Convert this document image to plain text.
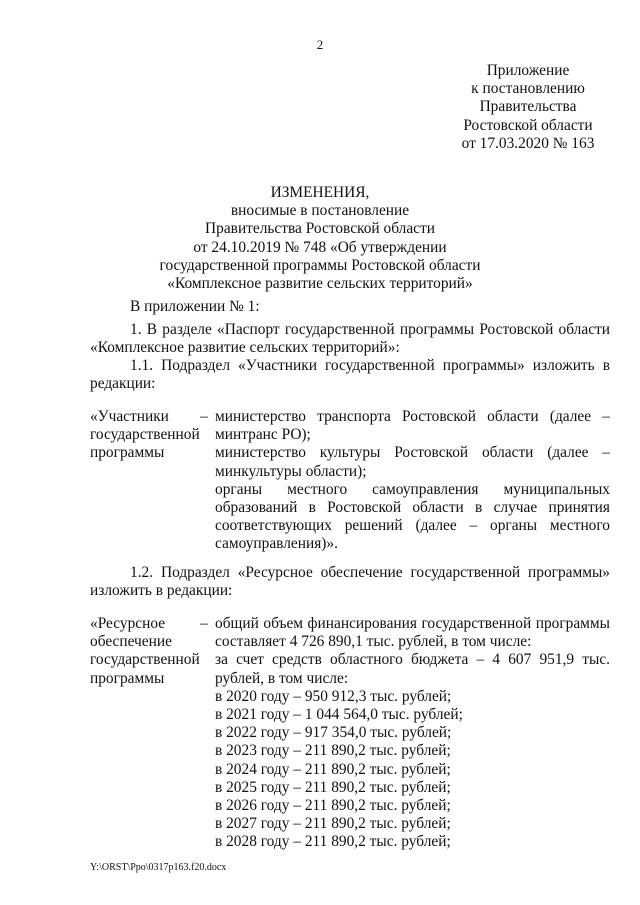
2
Приложение
к постановлению
Правительства
Ростовской области
от 17.03.2020 № 163
ИЗМЕНЕНИЯ,
вносимые в постановление
Правительства Ростовской области
от 24.10.2019 № 748 «Об утверждении
государственной программы Ростовской области
«Комплексное развитие сельских территорий»
В приложении № 1:
1. В разделе «Паспорт государственной программы Ростовской области «Комплексное развитие сельских территорий»:
1.1. Подраздел «Участники государственной программы» изложить в редакции:
«Участники
государственной
программы
– министерство транспорта Ростовской области (далее –
минтранс РО);
министерство культуры Ростовской области (далее –
минкультуры области);
органы местного самоуправления муниципальных
образований в Ростовской области в случае принятия
соответствующих решений (далее – органы местного
самоуправления)».
1.2. Подраздел «Ресурсное обеспечение государственной программы» изложить в редакции:
«Ресурсное
обеспечение
государственной
программы
– общий объем финансирования государственной программы
составляет 4 726 890,1 тыс. рублей, в том числе:
за счет средств областного бюджета – 4 607 951,9 тыс.
рублей, в том числе:
в 2020 году – 950 912,3 тыс. рублей;
в 2021 году – 1 044 564,0 тыс. рублей;
в 2022 году – 917 354,0 тыс. рублей;
в 2023 году – 211 890,2 тыс. рублей;
в 2024 году – 211 890,2 тыс. рублей;
в 2025 году – 211 890,2 тыс. рублей;
в 2026 году – 211 890,2 тыс. рублей;
в 2027 году – 211 890,2 тыс. рублей;
в 2028 году – 211 890,2 тыс. рублей;
Y:\ORST\Ppo\0317p163.f20.docx
